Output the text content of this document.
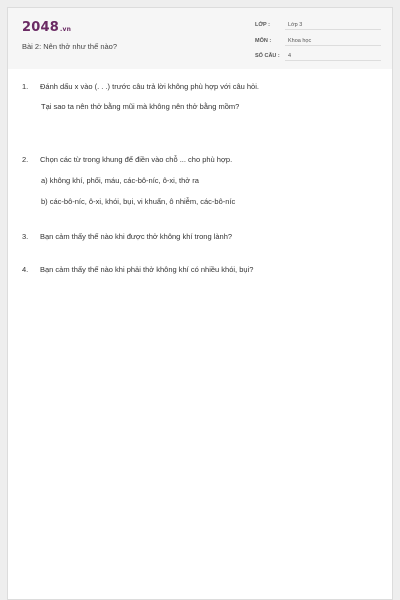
2048.vn
Bài 2: Nên thở như thế nào?
LỚP :	Lớp 3
MÔN :	Khoa học
SỐ CÂU :	4
1. Đánh dấu x vào (. . .) trước câu trả lời không phù hợp với câu hỏi.
Tại sao ta nên thở bằng mũi mà không nên thở bằng mồm?
2. Chọn các từ trong khung để điền vào chỗ ... cho phù hợp.
a) không khí, phổi, máu, các-bô-níc, ô-xi, thở ra
b) các-bô-níc, ô-xi, khói, bụi, vi khuẩn, ô nhiễm, các-bô-níc
3. Bạn cảm thấy thế nào khi được thở không khí trong lành?
4. Bạn cảm thấy thế nào khi phải thở không khí có nhiều khói, bụi?
